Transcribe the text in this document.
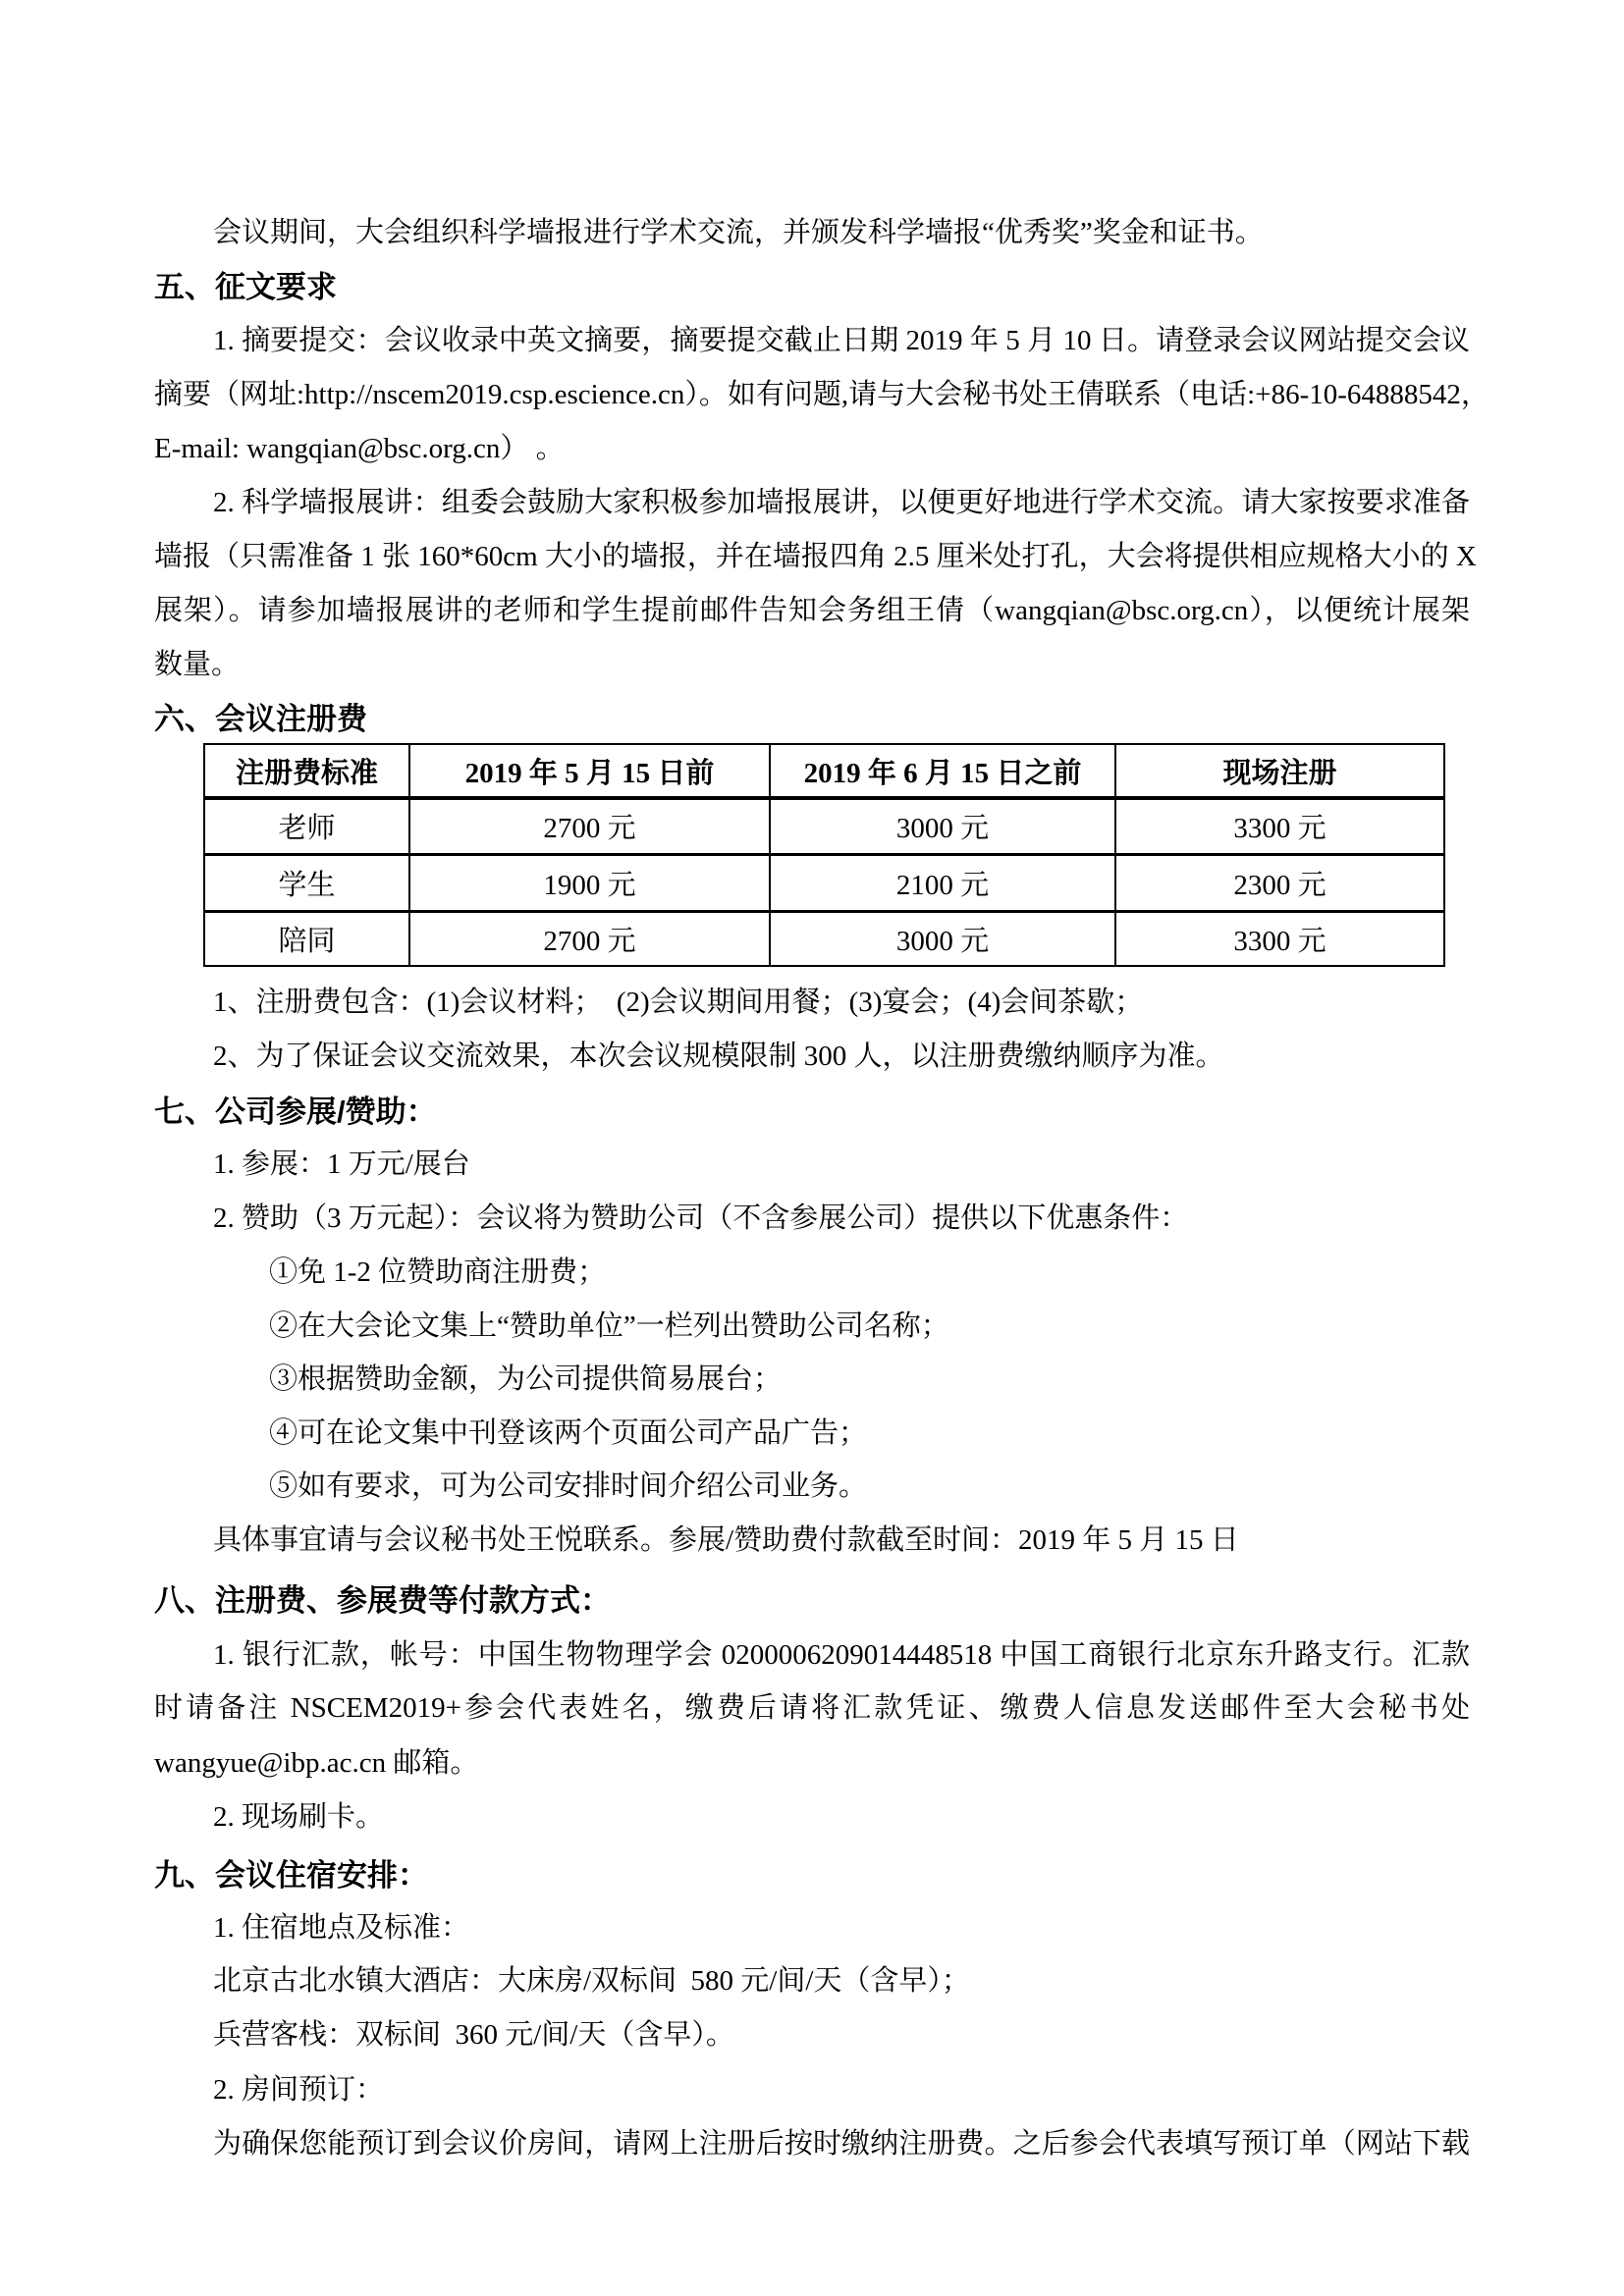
会议期间，大会组织科学墙报进行学术交流，并颁发科学墙报“优秀奖”奖金和证书。
五、征文要求
1. 摘要提交：会议收录中英文摘要，摘要提交截止日期 2019 年 5 月 10 日。请登录会议网站提交会议
摘要（网址:http://nscem2019.csp.escience.cn）。如有问题,请与大会秘书处王倩联系（电话:+86-10-64888542，
E-mail: wangqian@bsc.org.cn） 。
2. 科学墙报展讲：组委会鼓励大家积极参加墙报展讲，以便更好地进行学术交流。请大家按要求准备
墙报（只需准备 1 张 160*60cm 大小的墙报，并在墙报四角 2.5 厘米处打孔，大会将提供相应规格大小的 X
展架）。请参加墙报展讲的老师和学生提前邮件告知会务组王倩（wangqian@bsc.org.cn），以便统计展架
数量。
六、会议注册费
1、注册费包含：(1)会议材料；  (2)会议期间用餐；(3)宴会；(4)会间茶歇；
2、为了保证会议交流效果，本次会议规模限制 300 人，以注册费缴纳顺序为准。
七、公司参展/赞助：
1. 参展：1 万元/展台
2. 赞助（3 万元起）：会议将为赞助公司（不含参展公司）提供以下优惠条件：
①免 1-2 位赞助商注册费；
②在大会论文集上“赞助单位”一栏列出赞助公司名称；
③根据赞助金额，为公司提供简易展台；
④可在论文集中刊登该两个页面公司产品广告；
⑤如有要求，可为公司安排时间介绍公司业务。
具体事宜请与会议秘书处王悦联系。参展/赞助费付款截至时间：2019 年 5 月 15 日
八、注册费、参展费等付款方式：
1. 银行汇款，帐号：中国生物物理学会 0200006209014448518 中国工商银行北京东升路支行。汇款
时请备注 NSCEM2019+参会代表姓名，缴费后请将汇款凭证、缴费人信息发送邮件至大会秘书处
wangyue@ibp.ac.cn 邮箱。
2. 现场刷卡。
九、会议住宿安排：
1. 住宿地点及标准：
北京古北水镇大酒店：大床房/双标间  580 元/间/天（含早）；
兵营客栈：双标间  360 元/间/天（含早）。
2. 房间预订：
为确保您能预订到会议价房间，请网上注册后按时缴纳注册费。之后参会代表填写预订单（网站下载
注册费标准	2019 年 5 月 15 日前	2019 年 6 月 15 日之前	现场注册
老师	2700 元	3000 元	3300 元
学生	1900 元	2100 元	2300 元
陪同	2700 元	3000 元	3300 元
